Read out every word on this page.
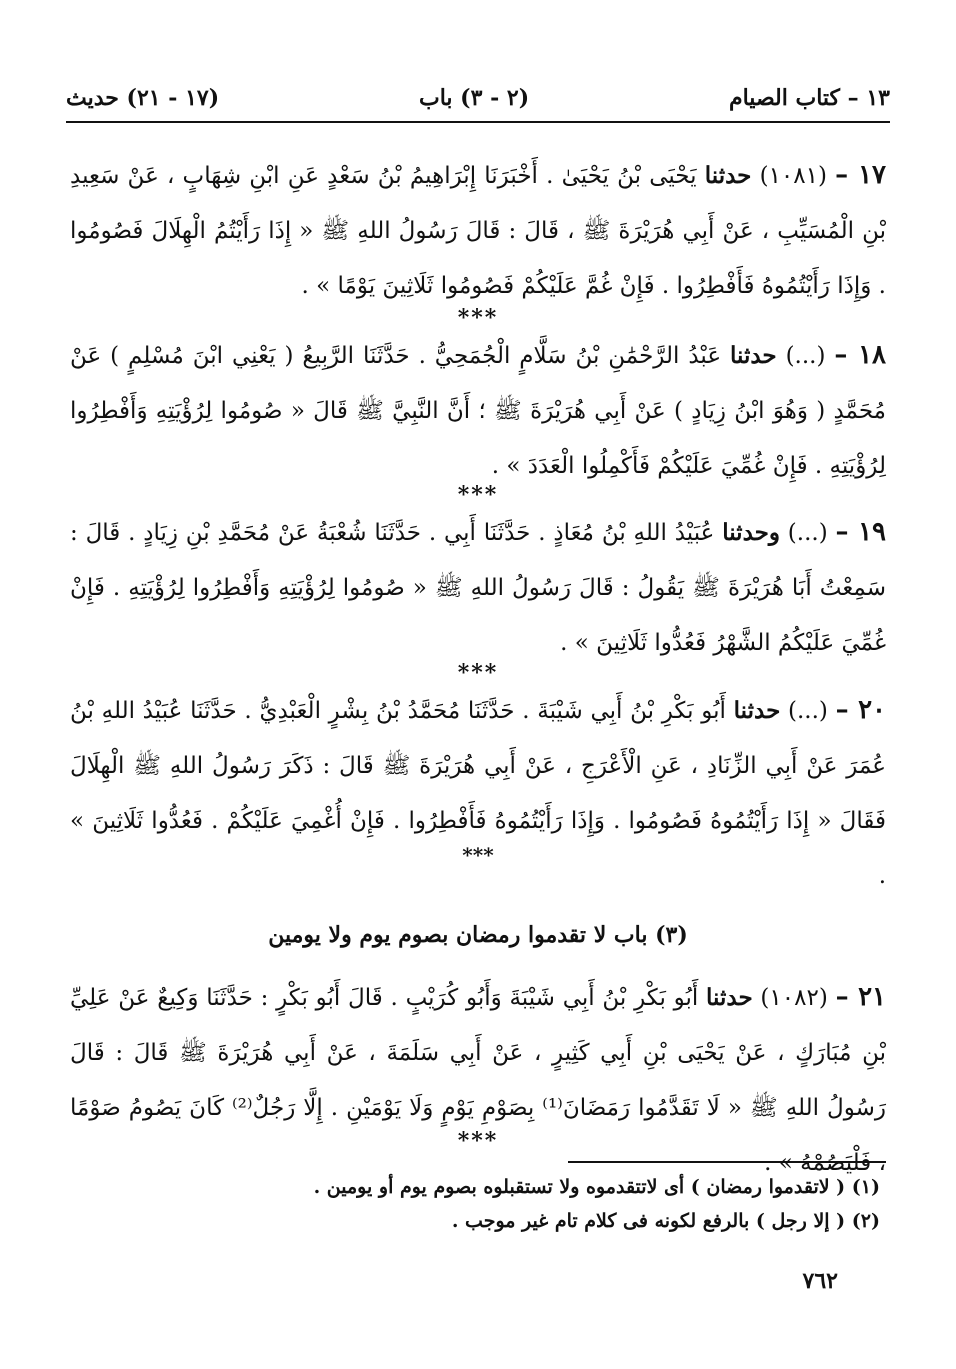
١٣ – كتاب الصيام
(٢ - ٣) باب
(١٧ - ٢١) حديث
١٧ – (١٠٨١) حدثنا يَحْيَى بْنُ يَحْيَىٰ . أَخْبَرَنَا إِبْرَاهِيمُ بْنُ سَعْدٍ عَنِ ابْنِ شِهَابٍ ، عَنْ سَعِيدِ بْنِ الْمُسَيِّبِ ، عَنْ أَبِي هُرَيْرَةَ ﷺ ، قَالَ : قَالَ رَسُولُ اللهِ ﷺ « إِذَا رَأَيْتُمُ الْهِلَالَ فَصُومُوا . وَإِذَا رَأَيْتُمُوهُ فَأَفْطِرُوا . فَإِنْ غُمَّ عَلَيْكُمْ فَصُومُوا ثَلَاثِينَ يَوْمًا » .
***
١٨ – (...) حدثنا عَبْدُ الرَّحْمَٰنِ بْنُ سَلَّامٍ الْجُمَحِيُّ . حَدَّثَنَا الرَّبِيعُ ( يَعْنِي ابْنَ مُسْلِمٍ ) عَنْ مُحَمَّدٍ ( وَهُوَ ابْنُ زِيَادٍ ) عَنْ أَبِي هُرَيْرَةَ ﷺ ؛ أَنَّ النَّبِيَّ ﷺ قَالَ « صُومُوا لِرُؤْيَتِهِ وَأَفْطِرُوا لِرُؤْيَتِهِ . فَإِنْ غُمِّيَ عَلَيْكُمْ فَأَكْمِلُوا الْعَدَدَ » .
***
١٩ – (...) وحدثنا عُبَيْدُ اللهِ بْنُ مُعَاذٍ . حَدَّثَنَا أَبِي . حَدَّثَنَا شُعْبَةُ عَنْ مُحَمَّدِ بْنِ زِيَادٍ . قَالَ : سَمِعْتُ أَبَا هُرَيْرَةَ ﷺ يَقُولُ : قَالَ رَسُولُ اللهِ ﷺ « صُومُوا لِرُؤْيَتِهِ وَأَفْطِرُوا لِرُؤْيَتِهِ . فَإِنْ غُمِّيَ عَلَيْكُمُ الشَّهْرُ فَعُدُّوا ثَلَاثِينَ » .
***
٢٠ – (...) حدثنا أَبُو بَكْرِ بْنُ أَبِي شَيْبَةَ . حَدَّثَنَا مُحَمَّدُ بْنُ بِشْرٍ الْعَبْدِيُّ . حَدَّثَنَا عُبَيْدُ اللهِ بْنُ عُمَرَ عَنْ أَبِي الزِّنَادِ ، عَنِ الْأَعْرَجِ ، عَنْ أَبِي هُرَيْرَةَ ﷺ قَالَ : ذَكَرَ رَسُولُ اللهِ ﷺ الْهِلَالَ فَقَالَ « إِذَا رَأَيْتُمُوهُ فَصُومُوا . وَإِذَا رَأَيْتُمُوهُ فَأَفْطِرُوا . فَإِنْ أُغْمِيَ عَلَيْكُمْ . فَعُدُّوا ثَلَاثِينَ » .
***
(٣) باب لا تقدموا رمضان بصوم يوم ولا يومين
٢١ – (١٠٨٢) حدثنا أَبُو بَكْرِ بْنُ أَبِي شَيْبَةَ وَأَبُو كُرَيْبٍ . قَالَ أَبُو بَكْرٍ : حَدَّثَنَا وَكِيعٌ عَنْ عَلِيِّ بْنِ مُبَارَكٍ ، عَنْ يَحْيَى بْنِ أَبِي كَثِيرٍ ، عَنْ أَبِي سَلَمَةَ ، عَنْ أَبِي هُرَيْرَةَ ﷺ قَالَ : قَالَ رَسُولُ اللهِ ﷺ « لَا تَقَدَّمُوا رَمَضَانَ⁽¹⁾ بِصَوْمِ يَوْمٍ وَلَا يَوْمَيْنِ . إِلَّا رَجُلٌ⁽²⁾ كَانَ يَصُومُ صَوْمًا ، فَلْيَصُمْهُ » .
***
(١) ( لاتقدموا رمضان ) أى لاتتقدموه ولا تستقبلوه بصوم يوم أو يومين .
(٢) ( إلا رجل ) بالرفع لكونه فى كلام تام غير موجب .
٧٦٢
